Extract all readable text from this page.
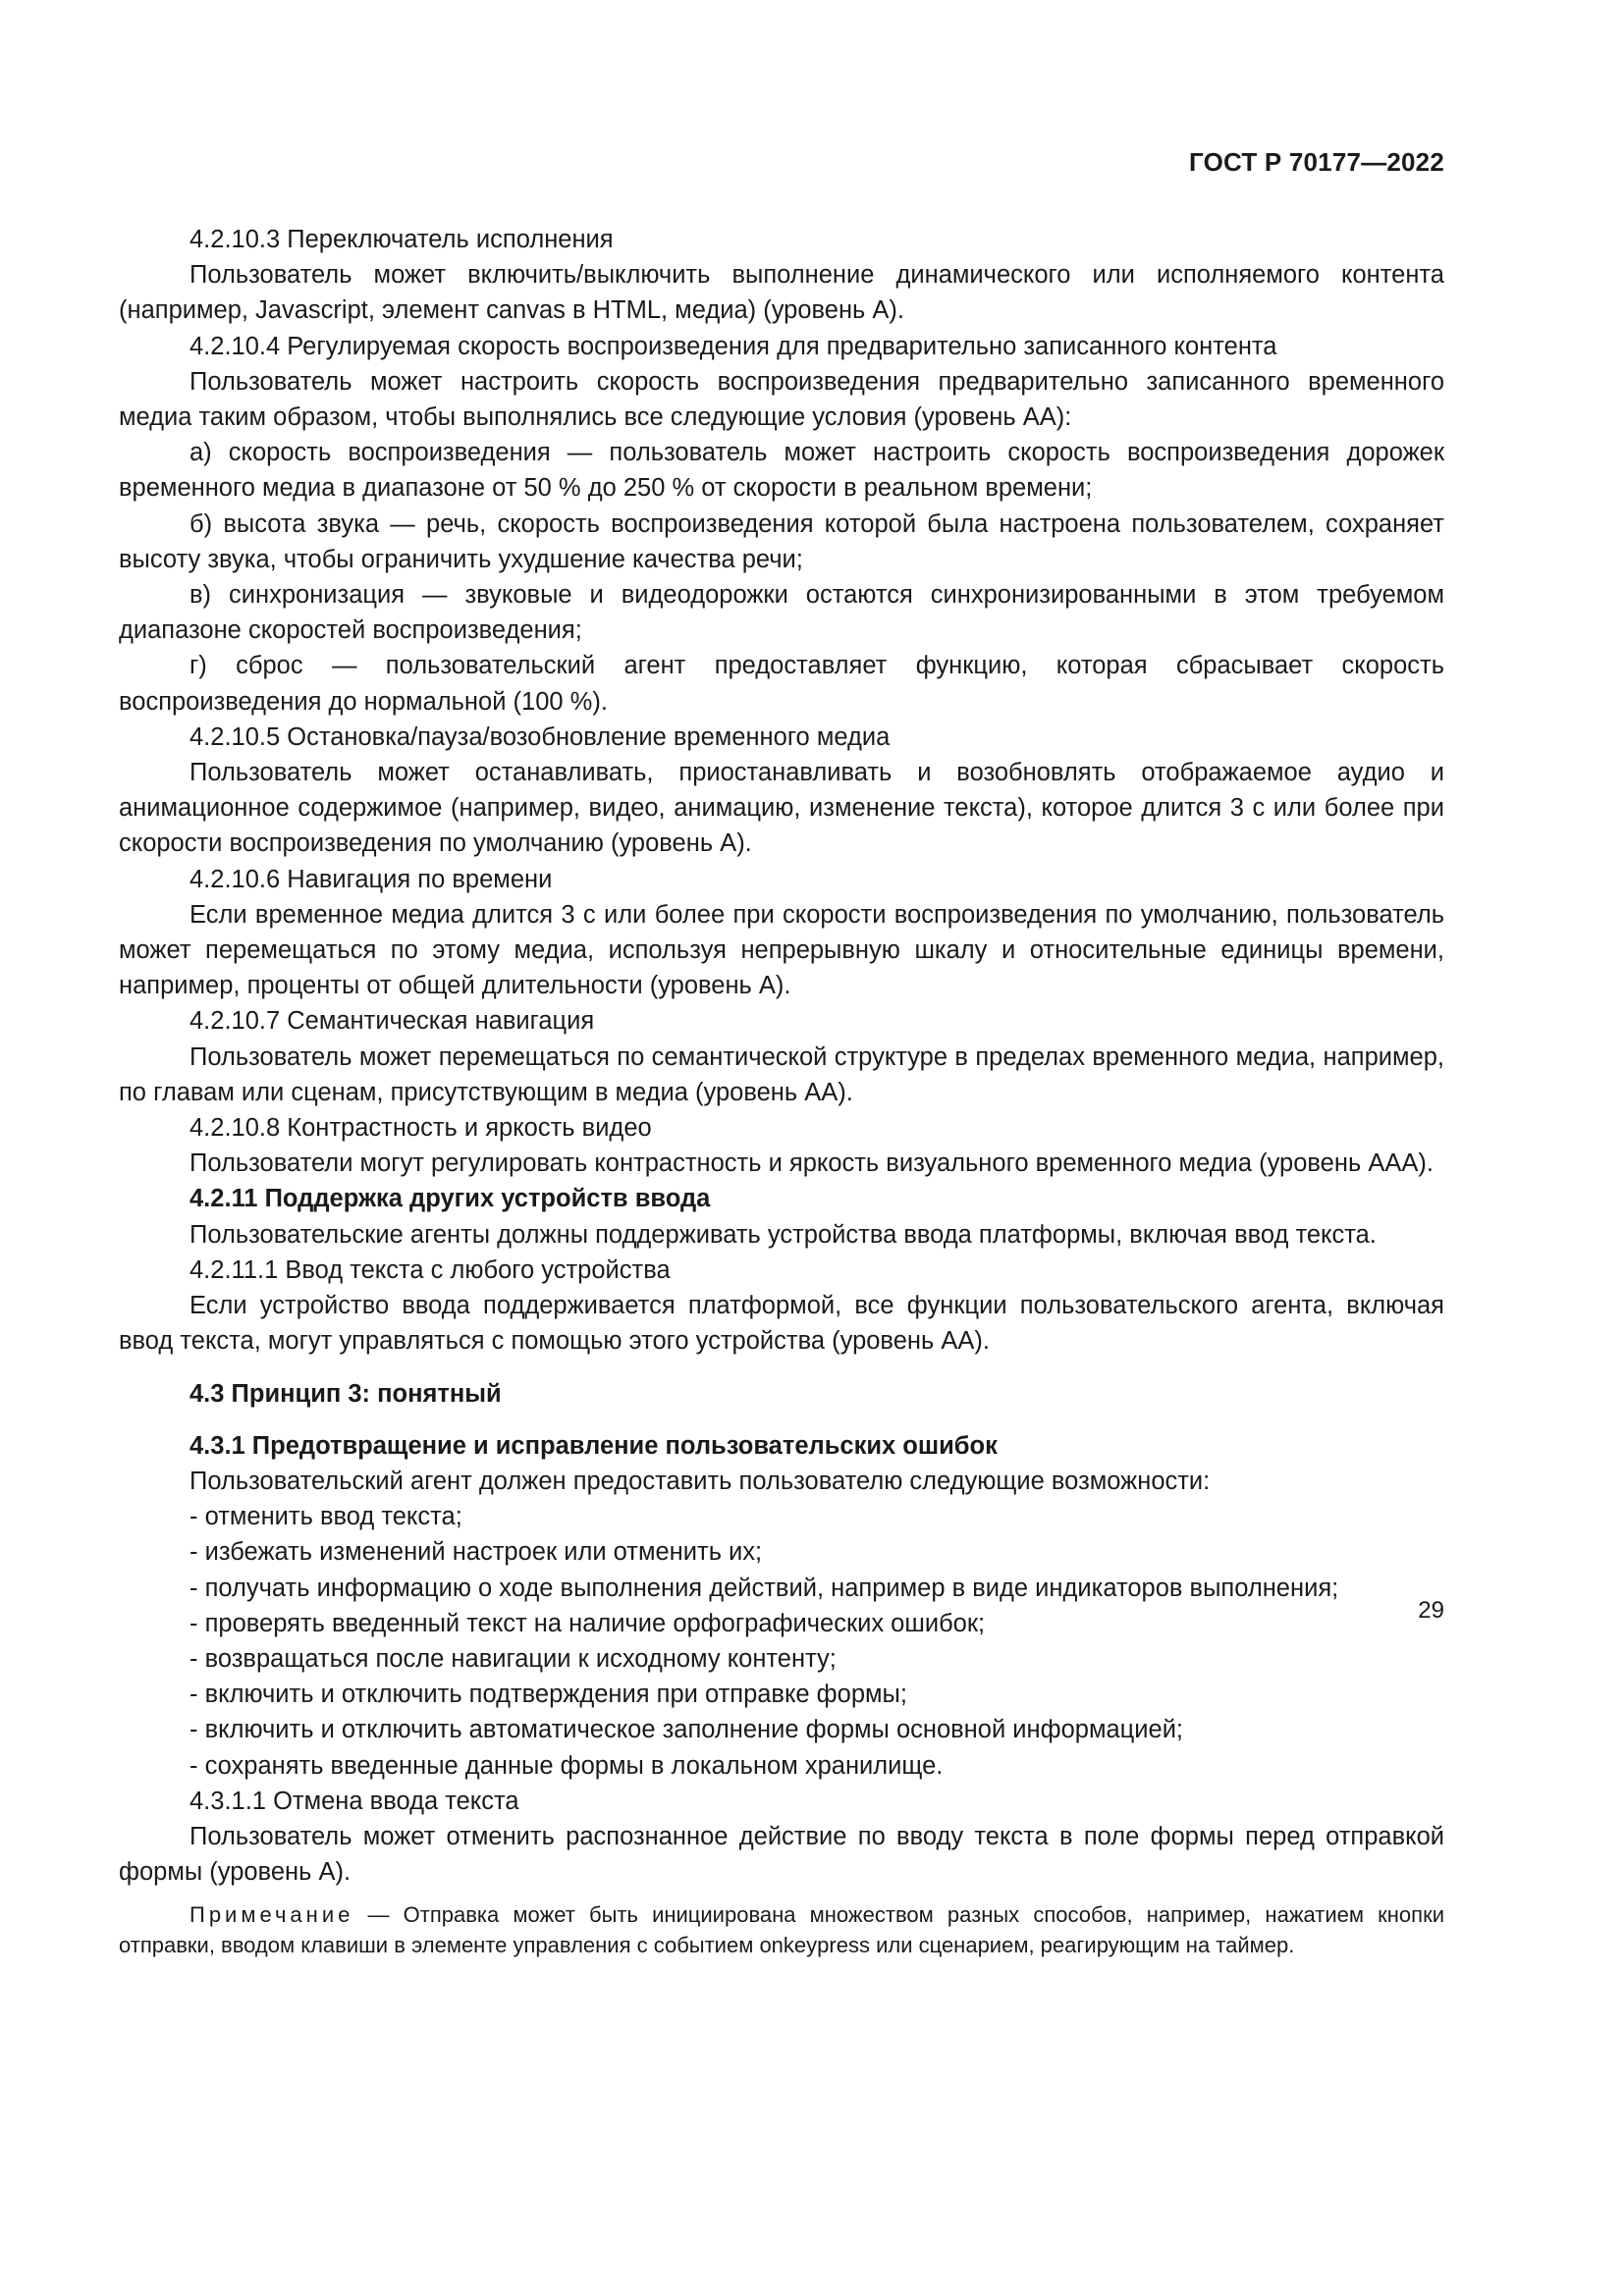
ГОСТ Р 70177—2022

4.2.10.3 Переключатель исполнения

Пользователь может включить/выключить выполнение динамического или исполняемого контента (например, Javascript, элемент canvas в HTML, медиа) (уровень А).

4.2.10.4 Регулируемая скорость воспроизведения для предварительно записанного контента

Пользователь может настроить скорость воспроизведения предварительно записанного временного медиа таким образом, чтобы выполнялись все следующие условия (уровень АА):

а) скорость воспроизведения — пользователь может настроить скорость воспроизведения дорожек временного медиа в диапазоне от 50 % до 250 % от скорости в реальном времени;

б) высота звука — речь, скорость воспроизведения которой была настроена пользователем, сохраняет высоту звука, чтобы ограничить ухудшение качества речи;

в) синхронизация — звуковые и видеодорожки остаются синхронизированными в этом требуемом диапазоне скоростей воспроизведения;

г) сброс — пользовательский агент предоставляет функцию, которая сбрасывает скорость воспроизведения до нормальной (100 %).

4.2.10.5 Остановка/пауза/возобновление временного медиа

Пользователь может останавливать, приостанавливать и возобновлять отображаемое аудио и анимационное содержимое (например, видео, анимацию, изменение текста), которое длится 3 с или более при скорости воспроизведения по умолчанию (уровень А).

4.2.10.6 Навигация по времени

Если временное медиа длится 3 с или более при скорости воспроизведения по умолчанию, пользователь может перемещаться по этому медиа, используя непрерывную шкалу и относительные единицы времени, например, проценты от общей длительности (уровень А).

4.2.10.7 Семантическая навигация

Пользователь может перемещаться по семантической структуре в пределах временного медиа, например, по главам или сценам, присутствующим в медиа (уровень АА).

4.2.10.8 Контрастность и яркость видео

Пользователи могут регулировать контрастность и яркость визуального временного медиа (уровень ААА).

4.2.11 Поддержка других устройств ввода

Пользовательские агенты должны поддерживать устройства ввода платформы, включая ввод текста.

4.2.11.1 Ввод текста с любого устройства

Если устройство ввода поддерживается платформой, все функции пользовательского агента, включая ввод текста, могут управляться с помощью этого устройства (уровень АА).

4.3 Принцип 3: понятный

4.3.1 Предотвращение и исправление пользовательских ошибок

Пользовательский агент должен предоставить пользователю следующие возможности:

- отменить ввод текста;
- избежать изменений настроек или отменить их;
- получать информацию о ходе выполнения действий, например в виде индикаторов выполнения;
- проверять введенный текст на наличие орфографических ошибок;
- возвращаться после навигации к исходному контенту;
- включить и отключить подтверждения при отправке формы;
- включить и отключить автоматическое заполнение формы основной информацией;
- сохранять введенные данные формы в локальном хранилище.

4.3.1.1 Отмена ввода текста

Пользователь может отменить распознанное действие по вводу текста в поле формы перед отправкой формы (уровень А).

Примечание — Отправка может быть инициирована множеством разных способов, например, нажатием кнопки отправки, вводом клавиши в элементе управления с событием onkeypress или сценарием, реагирующим на таймер.
29
